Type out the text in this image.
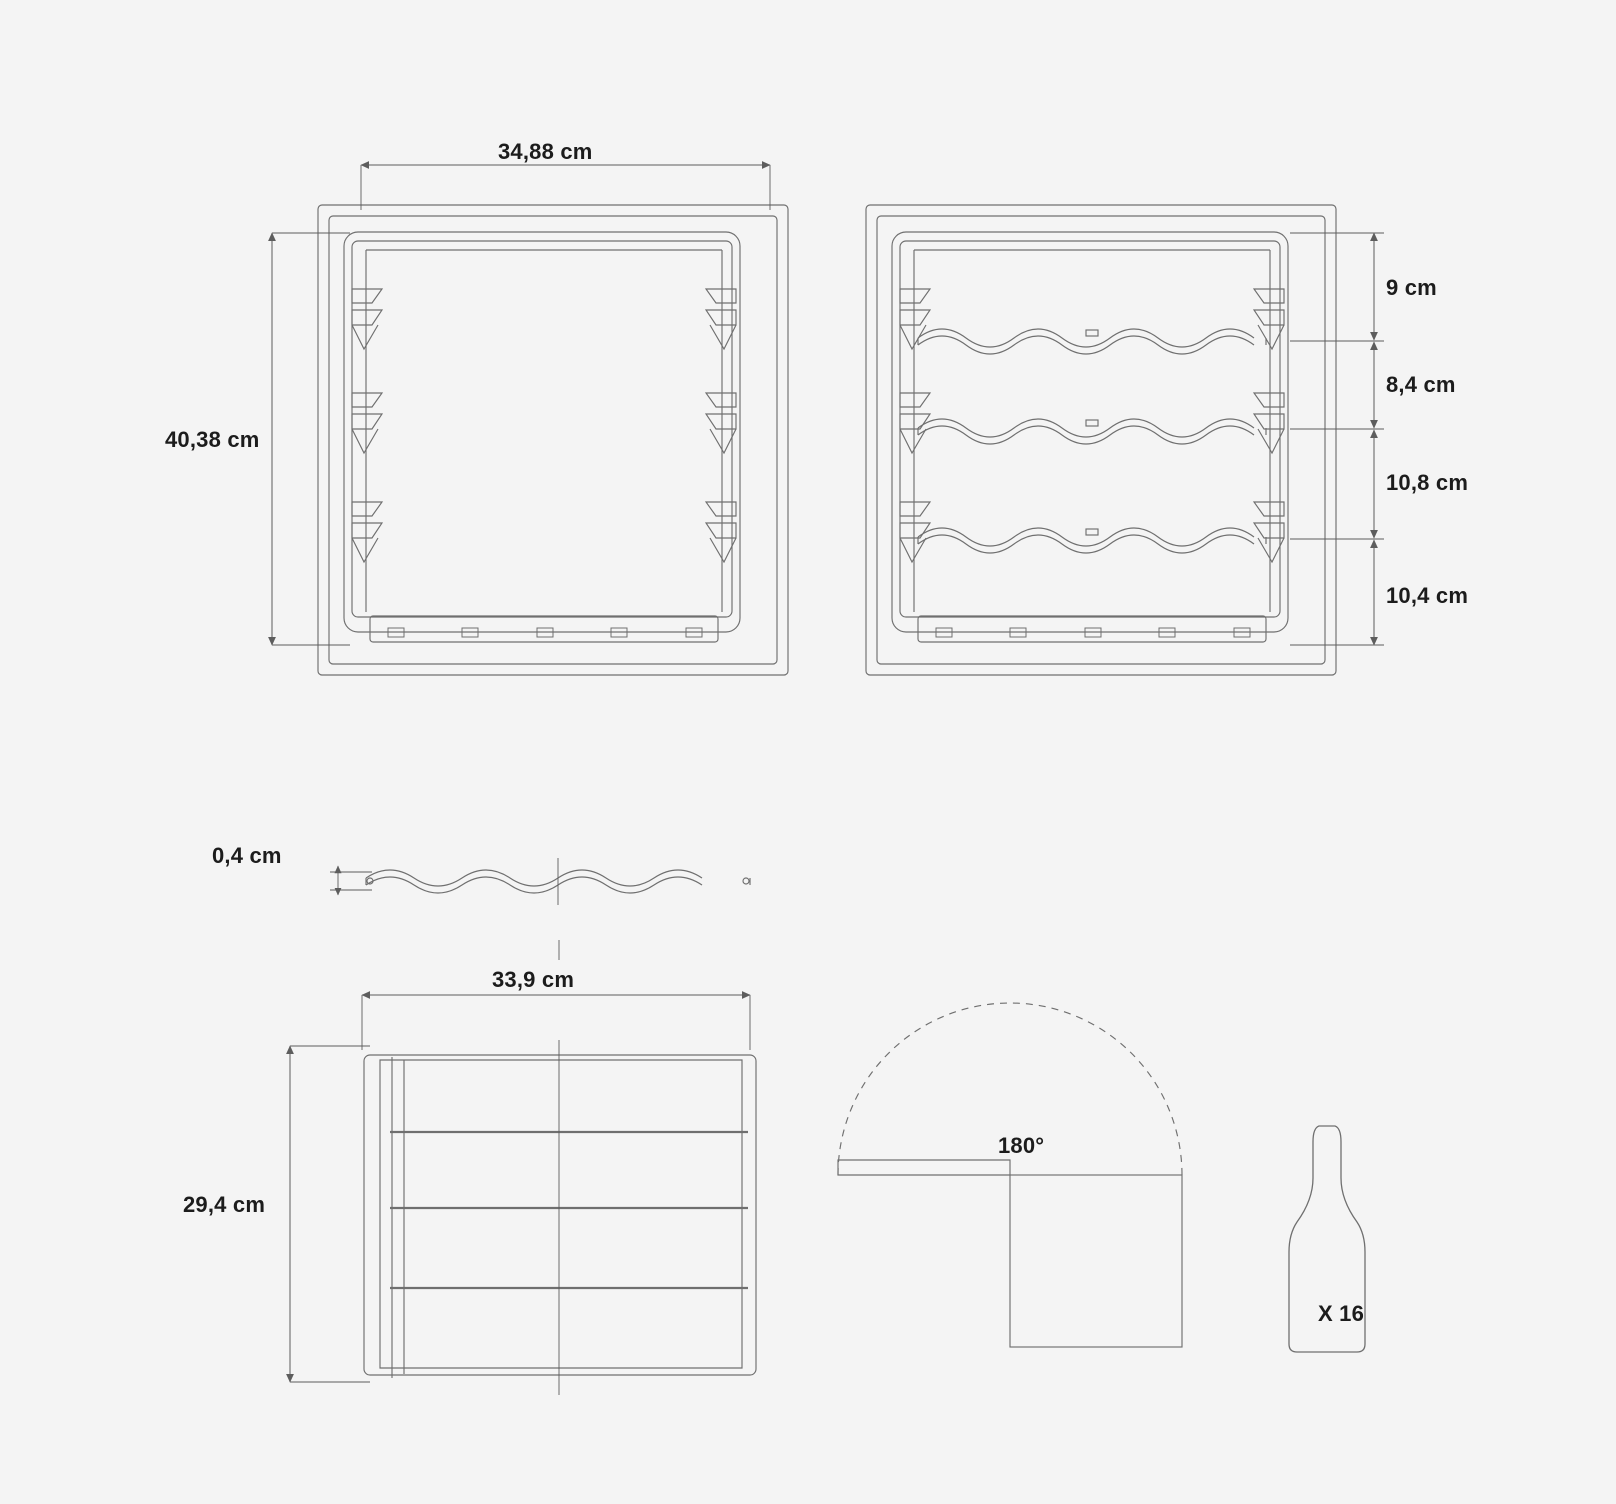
34,88 cm
40,38 cm
9 cm
8,4 cm
10,8 cm
10,4 cm
0,4 cm
33,9 cm
29,4 cm
180°
X 16
